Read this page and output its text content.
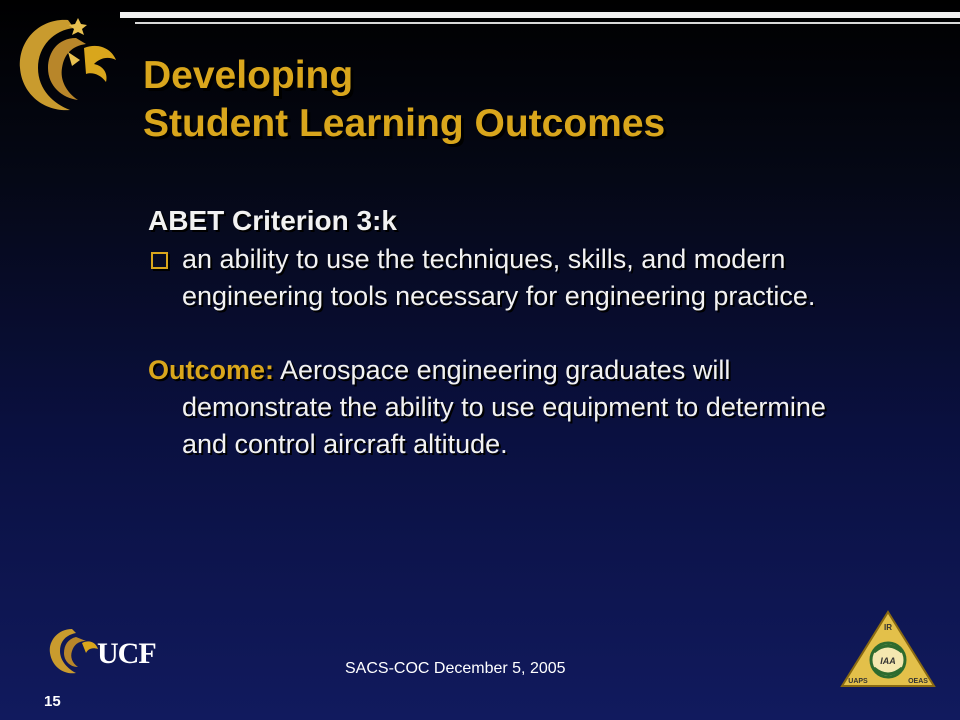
Developing
Student Learning Outcomes
ABET Criterion 3:k
an ability to use the techniques, skills, and modern engineering tools necessary for engineering practice.
Outcome: Aerospace engineering graduates will demonstrate the ability to use equipment to determine and control aircraft altitude.
UCF	SACS-COC December 5, 2005
15
IR
IAA
UAPS	OEAS
